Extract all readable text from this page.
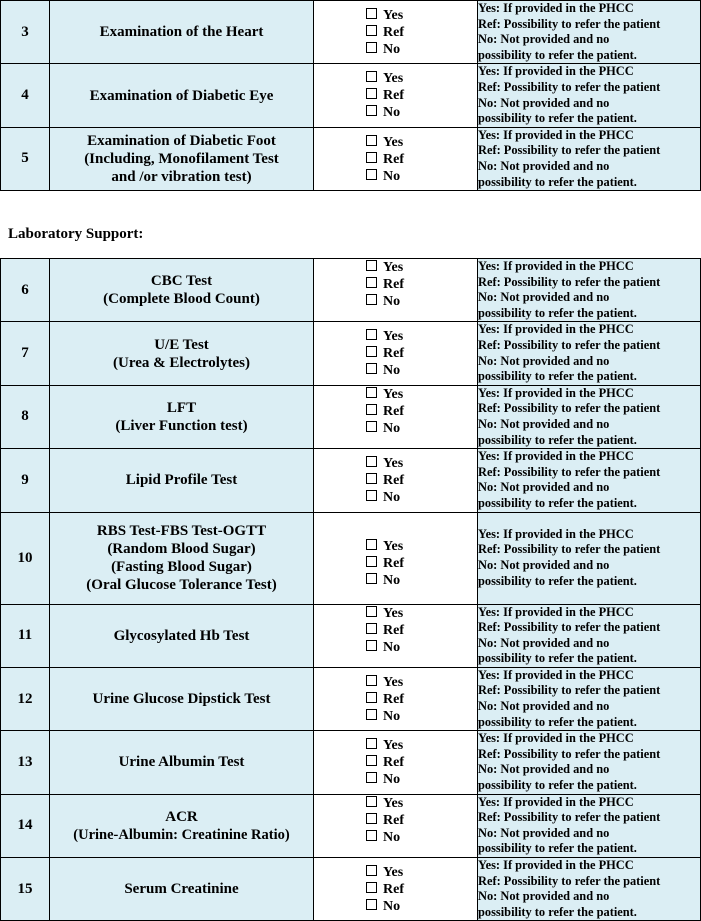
3	Examination of the Heart	Yes
Ref
No	Yes: If provided in the PHCC
Ref: Possibility to refer the patient
No: Not provided and no
possibility to refer the patient.

4	Examination of Diabetic Eye	Yes
Ref
No	Yes: If provided in the PHCC
Ref: Possibility to refer the patient
No: Not provided and no
possibility to refer the patient.

5	Examination of Diabetic Foot
(Including, Monofilament Test
and /or vibration test)	Yes
Ref
No	Yes: If provided in the PHCC
Ref: Possibility to refer the patient
No: Not provided and no
possibility to refer the patient.
Laboratory Support:
6	CBC Test
(Complete Blood Count)	Yes
Ref
No	Yes: If provided in the PHCC
Ref: Possibility to refer the patient
No: Not provided and no
possibility to refer the patient.

7	U/E Test
(Urea & Electrolytes)	Yes
Ref
No	Yes: If provided in the PHCC
Ref: Possibility to refer the patient
No: Not provided and no
possibility to refer the patient.

8	LFT
(Liver Function test)	Yes
Ref
No	Yes: If provided in the PHCC
Ref: Possibility to refer the patient
No: Not provided and no
possibility to refer the patient.

9	Lipid Profile Test	Yes
Ref
No	Yes: If provided in the PHCC
Ref: Possibility to refer the patient
No: Not provided and no
possibility to refer the patient.

10	RBS Test-FBS Test-OGTT
(Random Blood Sugar)
(Fasting Blood Sugar)
(Oral Glucose Tolerance Test)	Yes
Ref
No	Yes: If provided in the PHCC
Ref: Possibility to refer the patient
No: Not provided and no
possibility to refer the patient.

11	Glycosylated Hb Test	Yes
Ref
No	Yes: If provided in the PHCC
Ref: Possibility to refer the patient
No: Not provided and no
possibility to refer the patient.

12	Urine Glucose Dipstick Test	Yes
Ref
No	Yes: If provided in the PHCC
Ref: Possibility to refer the patient
No: Not provided and no
possibility to refer the patient.

13	Urine Albumin Test	Yes
Ref
No	Yes: If provided in the PHCC
Ref: Possibility to refer the patient
No: Not provided and no
possibility to refer the patient.

14	ACR
(Urine-Albumin: Creatinine Ratio)	Yes
Ref
No	Yes: If provided in the PHCC
Ref: Possibility to refer the patient
No: Not provided and no
possibility to refer the patient.

15	Serum Creatinine	Yes
Ref
No	Yes: If provided in the PHCC
Ref: Possibility to refer the patient
No: Not provided and no
possibility to refer the patient.
